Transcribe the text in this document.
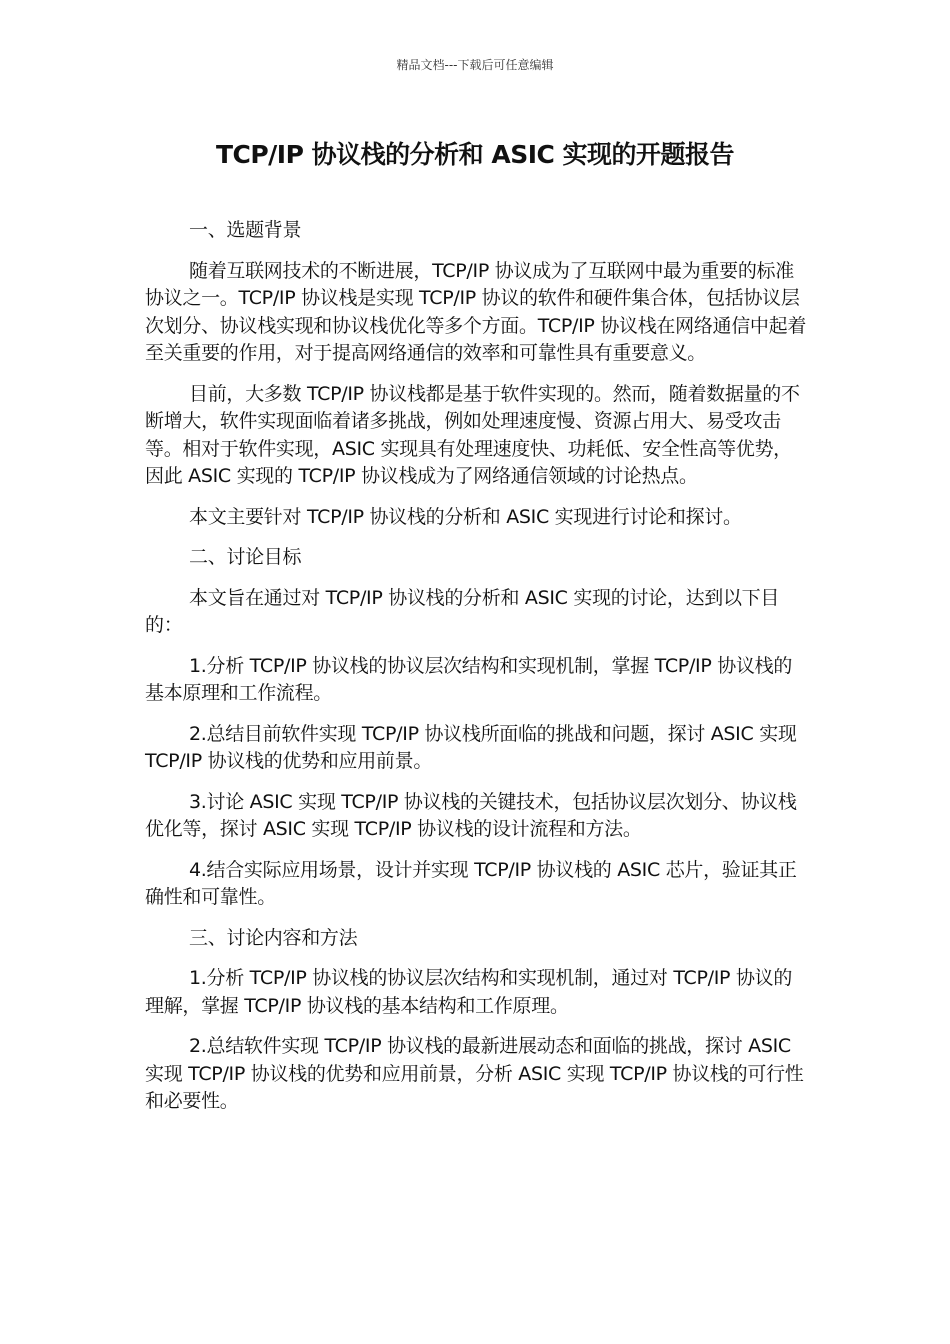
精品文档---下载后可任意编辑
TCP/IP 协议栈的分析和 ASIC 实现的开题报告

一、选题背景

随着互联网技术的不断进展，TCP/IP 协议成为了互联网中最为重要的标准协议之一。TCP/IP 协议栈是实现 TCP/IP 协议的软件和硬件集合体，包括协议层次划分、协议栈实现和协议栈优化等多个方面。TCP/IP 协议栈在网络通信中起着至关重要的作用，对于提高网络通信的效率和可靠性具有重要意义。

目前，大多数 TCP/IP 协议栈都是基于软件实现的。然而，随着数据量的不断增大，软件实现面临着诸多挑战，例如处理速度慢、资源占用大、易受攻击等。相对于软件实现，ASIC 实现具有处理速度快、功耗低、安全性高等优势，因此 ASIC 实现的 TCP/IP 协议栈成为了网络通信领域的讨论热点。

本文主要针对 TCP/IP 协议栈的分析和 ASIC 实现进行讨论和探讨。

二、讨论目标

本文旨在通过对 TCP/IP 协议栈的分析和 ASIC 实现的讨论，达到以下目的：

1.分析 TCP/IP 协议栈的协议层次结构和实现机制，掌握 TCP/IP 协议栈的基本原理和工作流程。

2.总结目前软件实现 TCP/IP 协议栈所面临的挑战和问题，探讨 ASIC 实现 TCP/IP 协议栈的优势和应用前景。

3.讨论 ASIC 实现 TCP/IP 协议栈的关键技术，包括协议层次划分、协议栈优化等，探讨 ASIC 实现 TCP/IP 协议栈的设计流程和方法。

4.结合实际应用场景，设计并实现 TCP/IP 协议栈的 ASIC 芯片，验证其正确性和可靠性。

三、讨论内容和方法

1.分析 TCP/IP 协议栈的协议层次结构和实现机制，通过对 TCP/IP 协议的理解，掌握 TCP/IP 协议栈的基本结构和工作原理。

2.总结软件实现 TCP/IP 协议栈的最新进展动态和面临的挑战，探讨 ASIC 实现 TCP/IP 协议栈的优势和应用前景，分析 ASIC 实现 TCP/IP 协议栈的可行性和必要性。
